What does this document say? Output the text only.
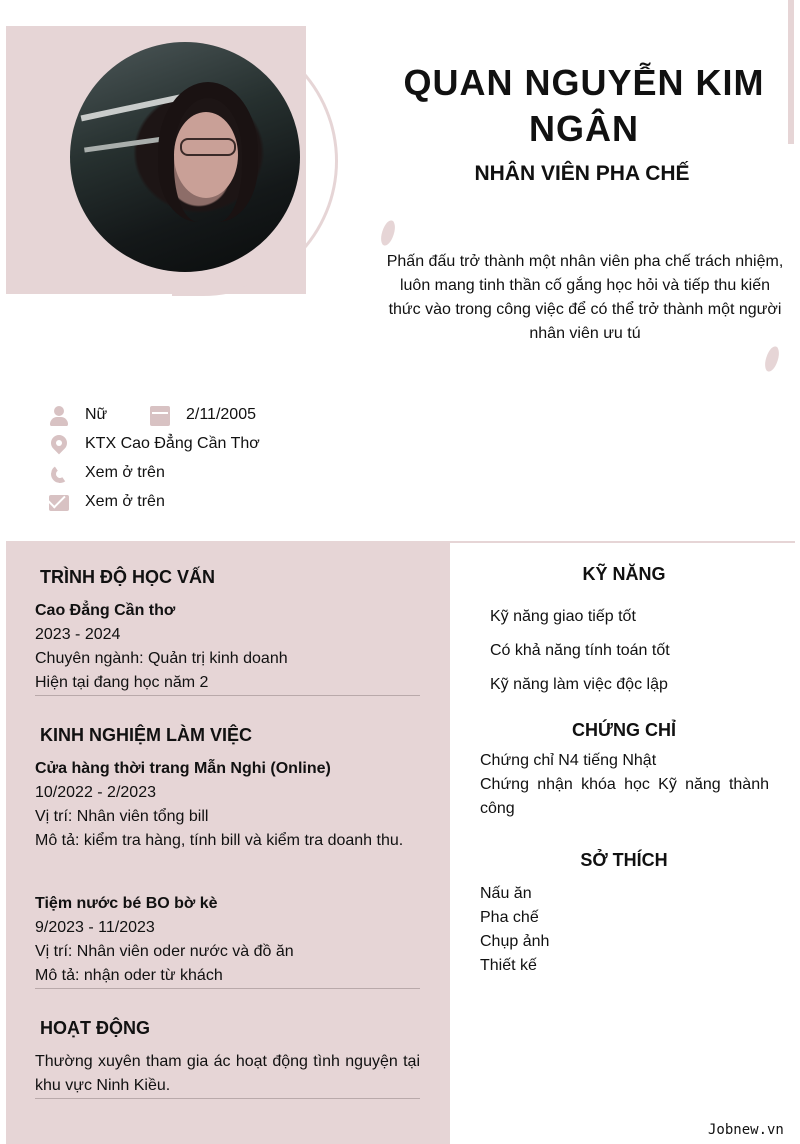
QUAN NGUYỄN KIM NGÂN
NHÂN VIÊN PHA CHẾ
Phấn đấu trở thành một nhân viên pha chế trách nhiệm, luôn mang tinh thần cố gắng học hỏi và tiếp thu kiến thức vào trong công việc để có thể trở thành một người nhân viên ưu tú
Nữ	2/11/2005
KTX Cao Đẳng Cần Thơ
Xem ở trên
Xem ở trên
TRÌNH ĐỘ HỌC VẤN
Cao Đẳng Cần thơ
2023 - 2024
Chuyên ngành: Quản trị kinh doanh
Hiện tại đang học năm 2
KINH NGHIỆM LÀM VIỆC
Cửa hàng thời trang Mẫn Nghi (Online)
10/2022 - 2/2023
Vị trí: Nhân viên tổng bill
Mô tả: kiểm tra hàng, tính bill và kiểm tra doanh thu.
Tiệm nước bé BO bờ kè
9/2023 - 11/2023
Vị trí: Nhân viên oder nước và đồ ăn
Mô tả: nhận oder từ khách
HOẠT ĐỘNG
Thường xuyên tham gia ác hoạt động tình nguyện tại khu vực Ninh Kiều.
KỸ NĂNG
Kỹ năng giao tiếp tốt
Có khả năng tính toán tốt
Kỹ năng làm việc độc lập
CHỨNG CHỈ
Chứng chỉ N4 tiếng Nhật
Chứng nhận khóa học Kỹ năng thành công
SỞ THÍCH
Nấu ăn
Pha chế
Chụp ảnh
Thiết kế
Jobnew.vn
